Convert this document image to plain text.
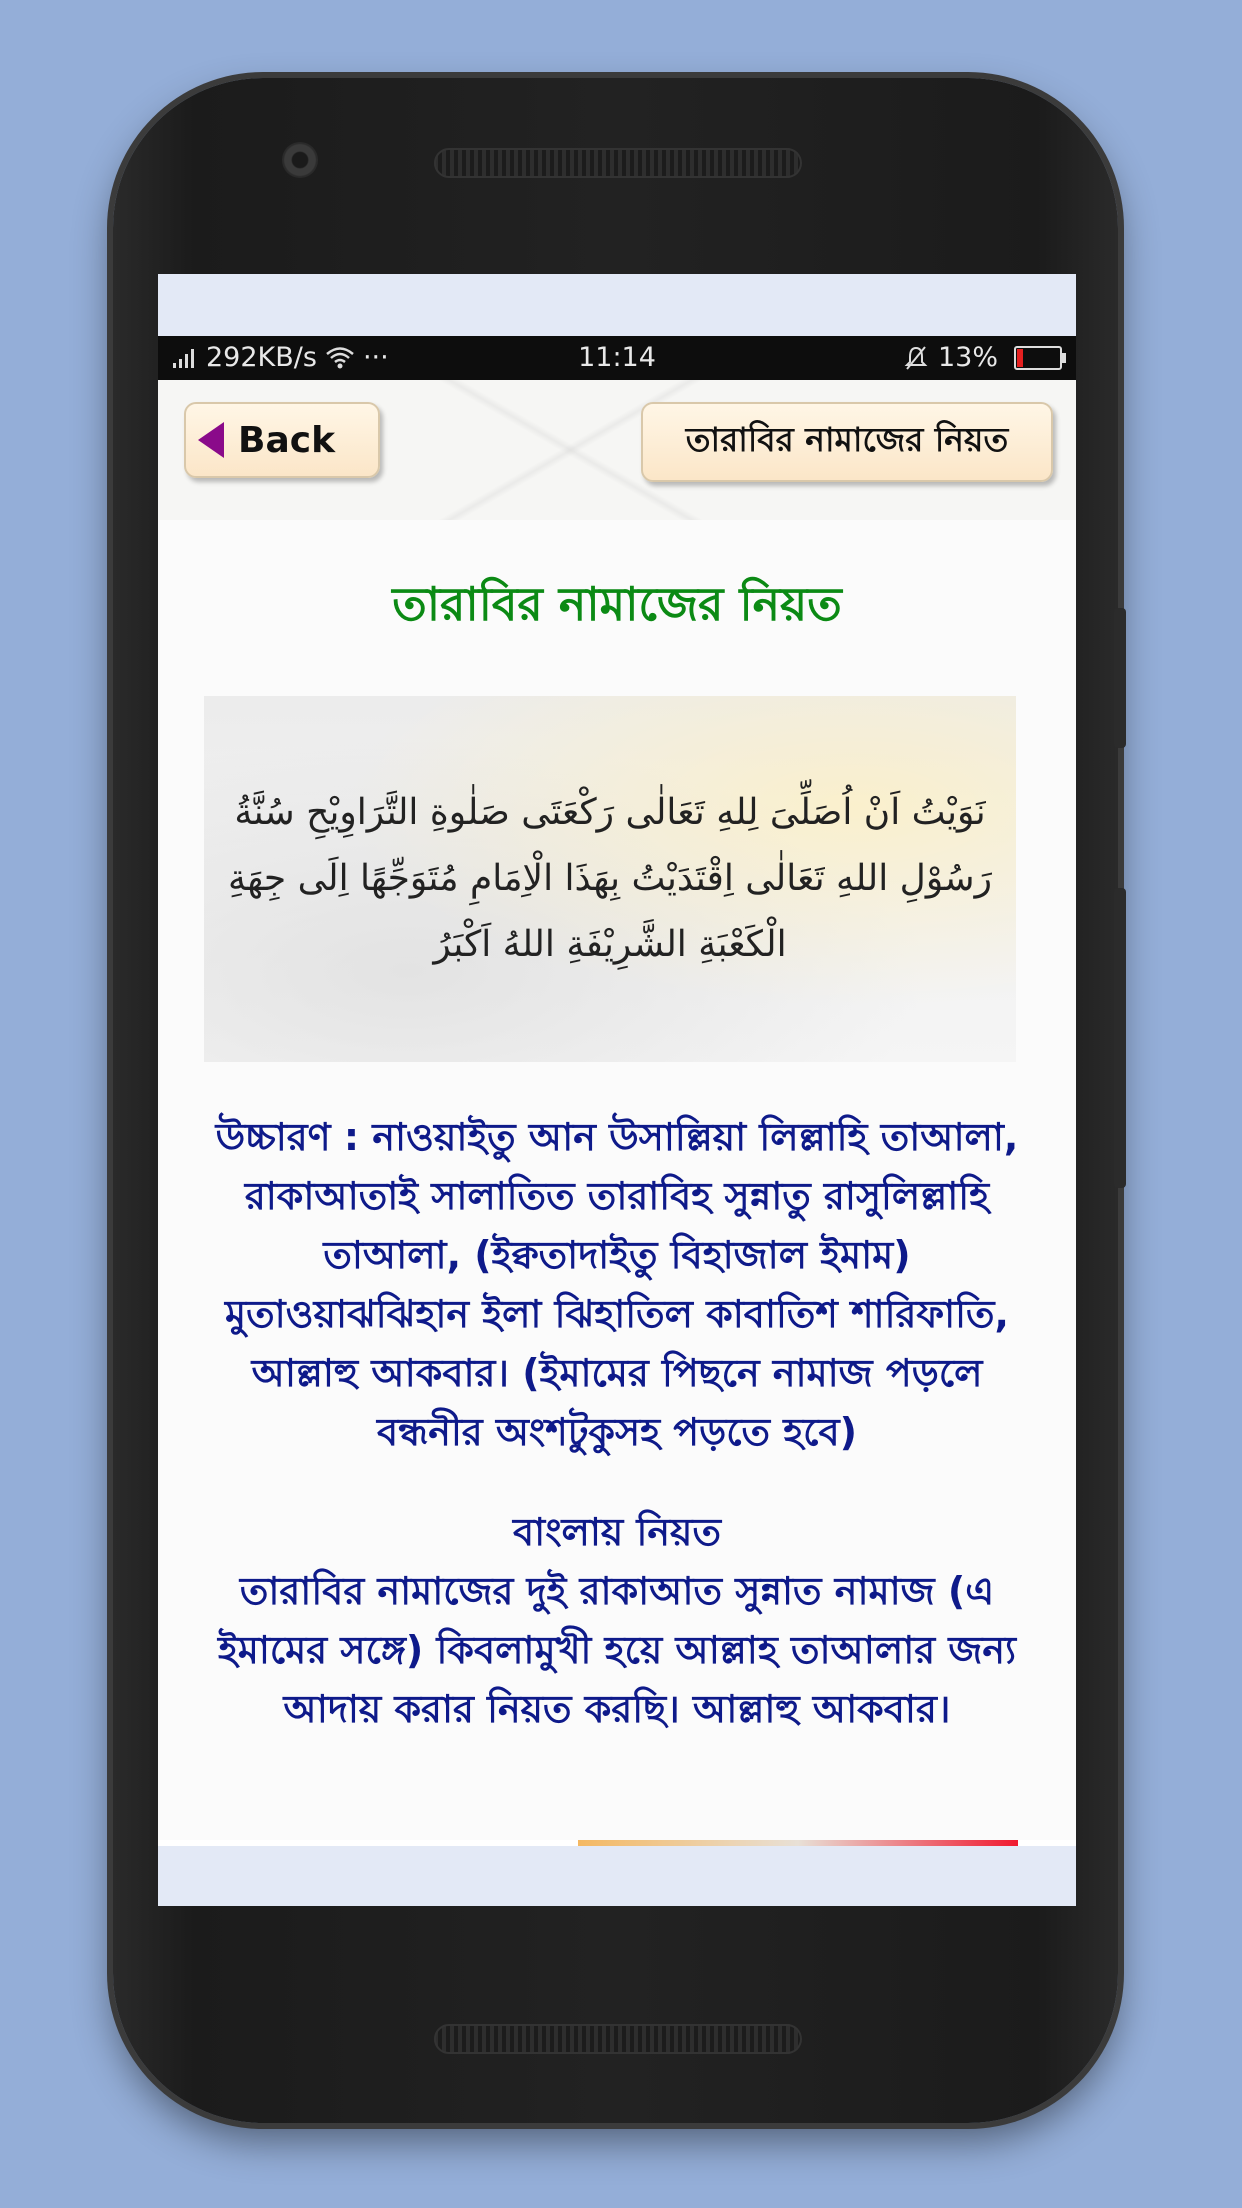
292KB/s ···	11:14	13%
Back	তারাবির নামাজের নিয়ত
তারাবির নামাজের নিয়ত
نَوَيْتُ اَنْ اُصَلِّىَ لِلهِ تَعَالٰى رَكْعَتَى صَلٰوةِ التَّرَاوِيْحِ سُنَّةُ رَسُوْلِ اللهِ تَعَالٰى اِقْتَدَيْتُ بِهَذَا الْاِمَامِ مُتَوَجِّهًا اِلَى جِهَةِ الْكَعْبَةِ الشَّرِيْفَةِ اللهُ اَكْبَرُ
উচ্চারণ : নাওয়াইতু আন উসাল্লিয়া লিল্লাহি তাআলা, রাকাআতাই সালাতিত তারাবিহ সুন্নাতু রাসুলিল্লাহি তাআলা, (ইক্বতাদাইতু বিহাজাল ইমাম) মুতাওয়াঝঝিহান ইলা ঝিহাতিল কাবাতিশ শারিফাতি, আল্লাহু আকবার। (ইমামের পিছনে নামাজ পড়লে বন্ধনীর অংশটুকুসহ পড়তে হবে)
বাংলায় নিয়ত
তারাবির নামাজের দুই রাকাআত সুন্নাত নামাজ (এ ইমামের সঙ্গে) কিবলামুখী হয়ে আল্লাহ তাআলার জন্য আদায় করার নিয়ত করছি। আল্লাহু আকবার।
